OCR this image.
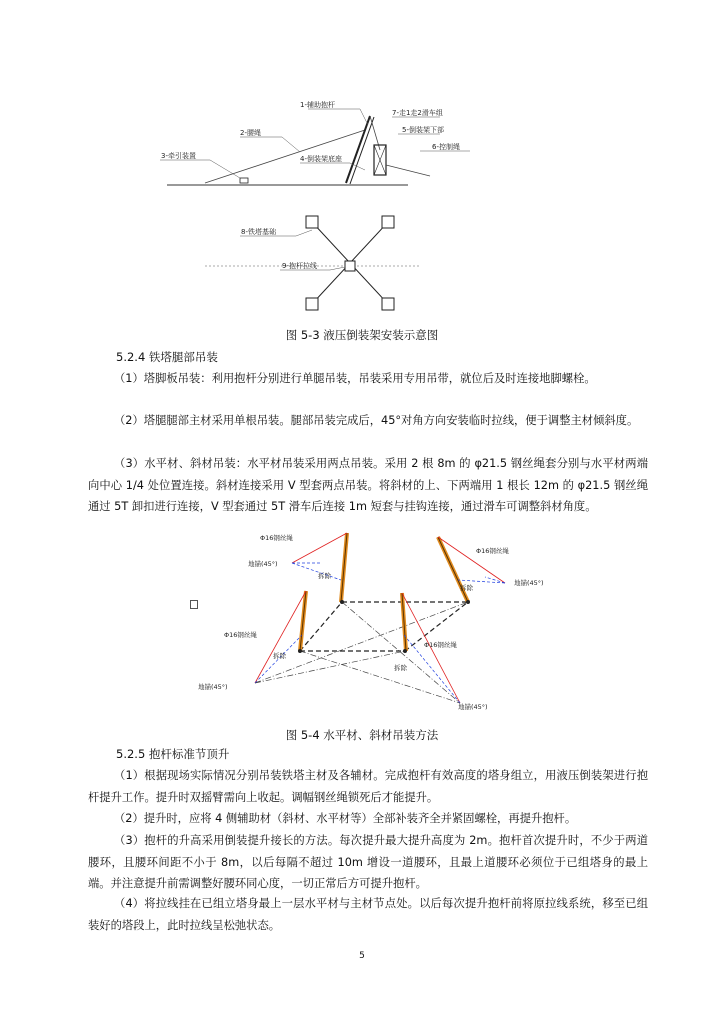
1-辅助抱杆
2-腰绳
3-牵引装置	4-倒装架底座
5-倒装架下部
6-控制绳
7-走1走2滑车组
8-铁塔基础
9-抱杆拉线
图 5-3 液压倒装架安装示意图
5.2.4 铁塔腿部吊装

（1）塔脚板吊装：利用抱杆分别进行单腿吊装，吊装采用专用吊带，就位后及时连接地脚螺栓。

（2）塔腿腿部主材采用单根吊装。腿部吊装完成后，45°对角方向安装临时拉线，便于调整主材倾斜度。

（3）水平材、斜材吊装：水平材吊装采用两点吊装。采用 2 根 8m 的 φ21.5 钢丝绳套分别与水平材两端向中心 1/4 处位置连接。斜材连接采用 V 型套两点吊装。将斜材的上、下两端用 1 根长 12m 的 φ21.5 钢丝绳通过 5T 卸扣进行连接，V 型套通过 5T 滑车后连接 1m 短套与挂钩连接，通过滑车可调整斜材角度。

Φ16钢丝绳
Φ16钢丝绳
Φ16钢丝绳
Φ16钢丝绳
地锚(45°)
地锚(45°)
地锚(45°)
地锚(45°)
拆除
拆除
拆除
拆除
图 5-4 水平材、斜材吊装方法
5.2.5 抱杆标准节顶升

（1）根据现场实际情况分别吊装铁塔主材及各辅材。完成抱杆有效高度的塔身组立，用液压倒装架进行抱杆提升工作。提升时双摇臂需向上收起。调幅钢丝绳锁死后才能提升。

（2）提升时，应将 4 侧辅助材（斜材、水平材等）全部补装齐全并紧固螺栓，再提升抱杆。

（3）抱杆的升高采用倒装提升接长的方法。每次提升最大提升高度为 2m。抱杆首次提升时，不少于两道腰环，且腰环间距不小于 8m，以后每隔不超过 10m 增设一道腰环，且最上道腰环必须位于已组塔身的最上端。并注意提升前需调整好腰环同心度，一切正常后方可提升抱杆。

（4）将拉线挂在已组立塔身最上一层水平材与主材节点处。以后每次提升抱杆前将原拉线系统，移至已组装好的塔段上，此时拉线呈松弛状态。

5
